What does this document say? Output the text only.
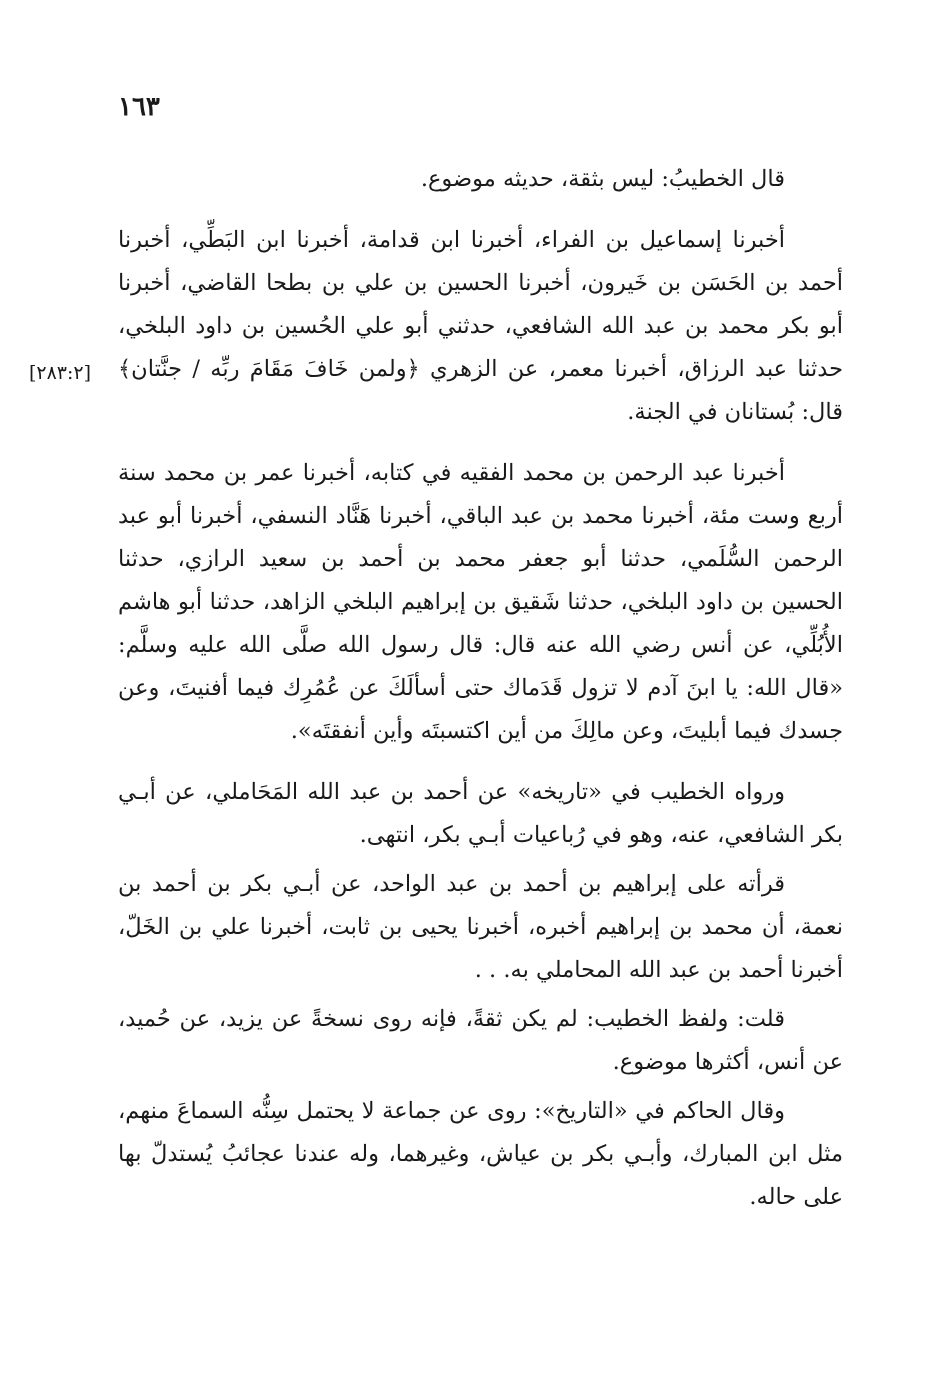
١٦٣
[٢٨٣:٢]

قال الخطيبُ: ليس بثقة، حديثه موضوع.

أخبرنا إسماعيل بن الفراء، أخبرنا ابن قدامة، أخبرنا ابن البَطِّي، أخبرنا أحمد بن الحَسَن بن خَيرون، أخبرنا الحسين بن علي بن بطحا القاضي، أخبرنا أبو بكر محمد بن عبد الله الشافعي، حدثني أبو علي الحُسين بن داود البلخي، حدثنا عبد الرزاق، أخبرنا معمر، عن الزهري ﴿ولمن خَافَ مَقَامَ ربِّه / جنَّتان﴾ قال: بُستانان في الجنة.

أخبرنا عبد الرحمن بن محمد الفقيه في كتابه، أخبرنا عمر بن محمد سنة أربع وست مئة، أخبرنا محمد بن عبد الباقي، أخبرنا هَنَّاد النسفي، أخبرنا أبو عبد الرحمن السُّلَمي، حدثنا أبو جعفر محمد بن أحمد بن سعيد الرازي، حدثنا الحسين بن داود البلخي، حدثنا شَقيق بن إبراهيم البلخي الزاهد، حدثنا أبو هاشم الأُبُلِّي، عن أنس رضي الله عنه قال: قال رسول الله صلَّى الله عليه وسلَّم: «قال الله: يا ابنَ آدم لا تزول قَدَماك حتى أسألَكَ عن عُمُرِك فيما أفنيتَ، وعن جسدك فيما أبليتَ، وعن مالِكَ من أين اكتسبتَه وأين أنفقتَه».

ورواه الخطيب في «تاريخه» عن أحمد بن عبد الله المَحَاملي، عن أبـي بكر الشافعي، عنه، وهو في رُباعيات أبـي بكر، انتهى.

قرأته على إبراهيم بن أحمد بن عبد الواحد، عن أبـي بكر بن أحمد بن نعمة، أن محمد بن إبراهيم أخبره، أخبرنا يحيى بن ثابت، أخبرنا علي بن الخَلّ، أخبرنا أحمد بن عبد الله المحاملي به. . .

قلت: ولفظ الخطيب: لم يكن ثقةً، فإنه روى نسخةً عن يزيد، عن حُميد، عن أنس، أكثرها موضوع.

وقال الحاكم في «التاريخ»: روى عن جماعة لا يحتمل سِنُّه السماعَ منهم، مثل ابن المبارك، وأبـي بكر بن عياش، وغيرهما، وله عندنا عجائبُ يُستدلّ بها على حاله.
